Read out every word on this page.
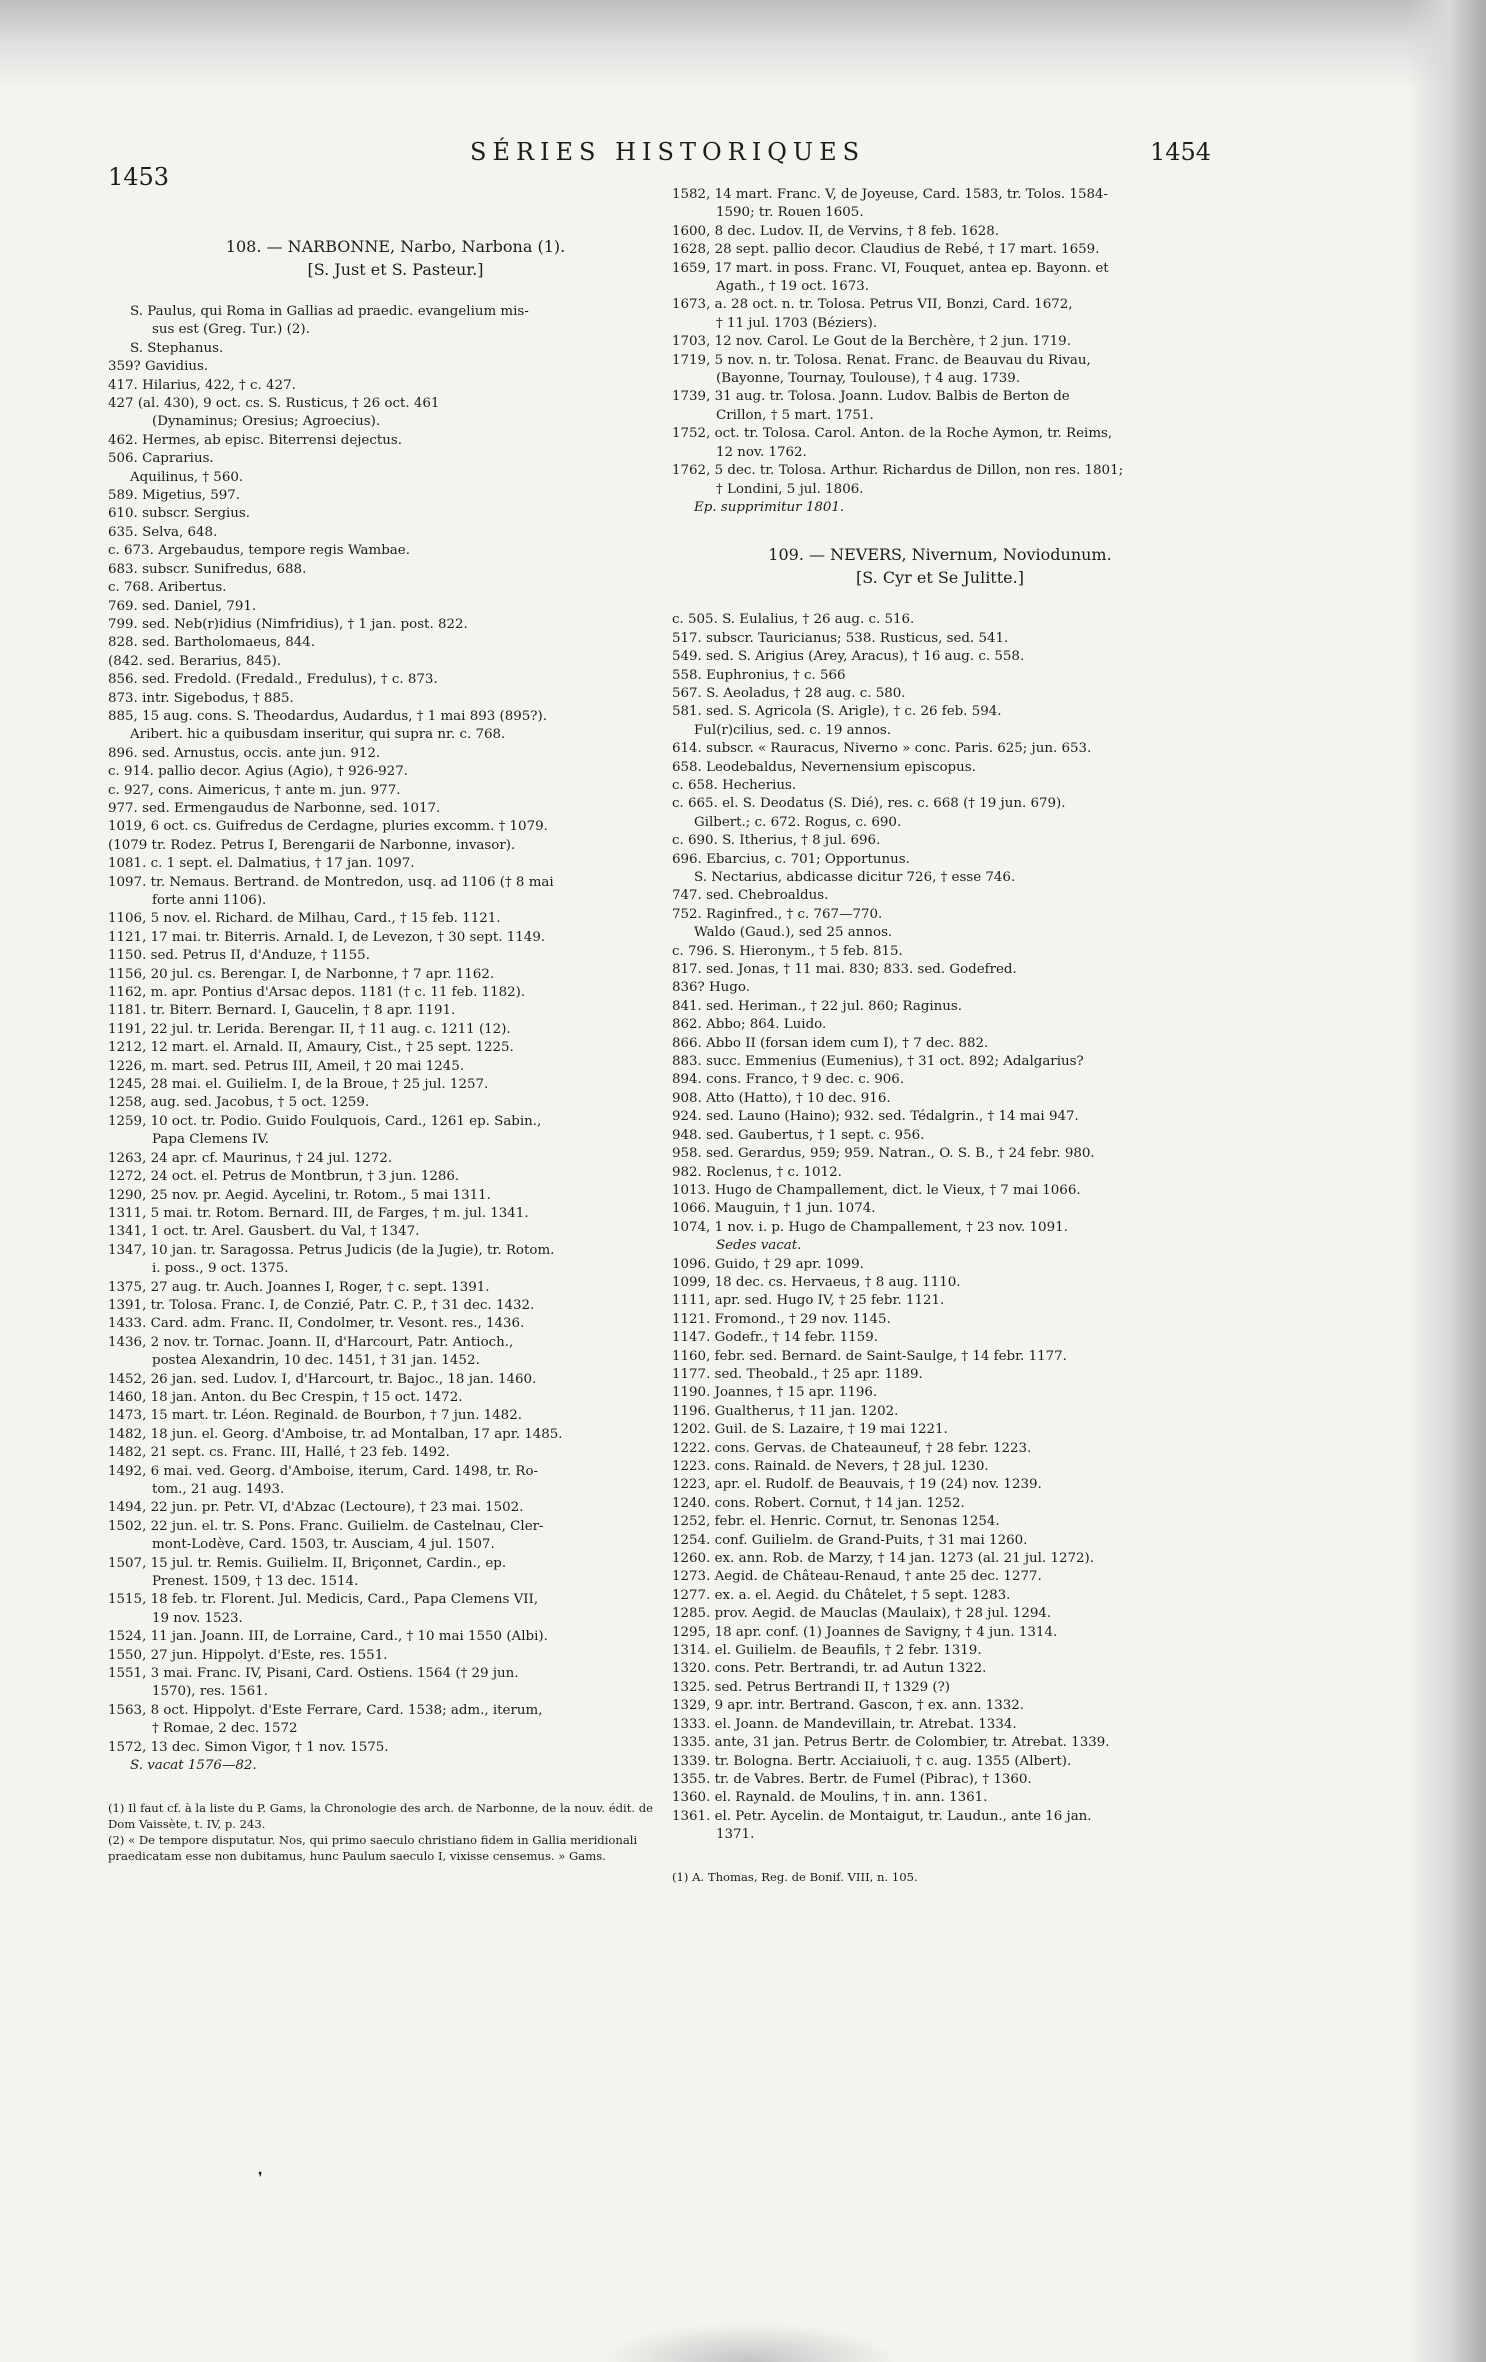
1453
SÉRIES HISTORIQUES	1454
108. — NARBONNE, Narbo, Narbona (1).
[S. Just et S. Pasteur.]
S. Paulus, qui Roma in Gallias ad praedic. evangelium mis-
sus est (Greg. Tur.) (2).
S. Stephanus.
359? Gavidius.
417. Hilarius, 422, † c. 427.
427 (al. 430), 9 oct. cs. S. Rusticus, † 26 oct. 461
(Dynaminus; Oresius; Agroecius).
462. Hermes, ab episc. Biterrensi dejectus.
506. Caprarius.
Aquilinus, † 560.
589. Migetius, 597.
610. subscr. Sergius.
635. Selva, 648.
c. 673. Argebaudus, tempore regis Wambae.
683. subscr. Sunifredus, 688.
c. 768. Aribertus.
769. sed. Daniel, 791.
799. sed. Neb(r)idius (Nimfridius), † 1 jan. post. 822.
828. sed. Bartholomaeus, 844.
(842. sed. Berarius, 845).
856. sed. Fredold. (Fredald., Fredulus), † c. 873.
873. intr. Sigebodus, † 885.
885, 15 aug. cons. S. Theodardus, Audardus, † 1 mai 893 (895?).
Aribert. hic a quibusdam inseritur, qui supra nr. c. 768.
896. sed. Arnustus, occis. ante jun. 912.
c. 914. pallio decor. Agius (Agio), † 926-927.
c. 927, cons. Aimericus, † ante m. jun. 977.
977. sed. Ermengaudus de Narbonne, sed. 1017.
1019, 6 oct. cs. Guifredus de Cerdagne, pluries excomm. † 1079.
(1079 tr. Rodez. Petrus I, Berengarii de Narbonne, invasor).
1081. c. 1 sept. el. Dalmatius, † 17 jan. 1097.
1097. tr. Nemaus. Bertrand. de Montredon, usq. ad 1106 († 8 mai
forte anni 1106).
1106, 5 nov. el. Richard. de Milhau, Card., † 15 feb. 1121.
1121, 17 mai. tr. Biterris. Arnald. I, de Levezon, † 30 sept. 1149.
1150. sed. Petrus II, d'Anduze, † 1155.
1156, 20 jul. cs. Berengar. I, de Narbonne, † 7 apr. 1162.
1162, m. apr. Pontius d'Arsac depos. 1181 († c. 11 feb. 1182).
1181. tr. Biterr. Bernard. I, Gaucelin, † 8 apr. 1191.
1191, 22 jul. tr. Lerida. Berengar. II, † 11 aug. c. 1211 (12).
1212, 12 mart. el. Arnald. II, Amaury, Cist., † 25 sept. 1225.
1226, m. mart. sed. Petrus III, Ameil, † 20 mai 1245.
1245, 28 mai. el. Guilielm. I, de la Broue, † 25 jul. 1257.
1258, aug. sed. Jacobus, † 5 oct. 1259.
1259, 10 oct. tr. Podio. Guido Foulquois, Card., 1261 ep. Sabin.,
Papa Clemens IV.
1263, 24 apr. cf. Maurinus, † 24 jul. 1272.
1272, 24 oct. el. Petrus de Montbrun, † 3 jun. 1286.
1290, 25 nov. pr. Aegid. Aycelini, tr. Rotom., 5 mai 1311.
1311, 5 mai. tr. Rotom. Bernard. III, de Farges, † m. jul. 1341.
1341, 1 oct. tr. Arel. Gausbert. du Val, † 1347.
1347, 10 jan. tr. Saragossa. Petrus Judicis (de la Jugie), tr. Rotom.
i. poss., 9 oct. 1375.
1375, 27 aug. tr. Auch. Joannes I, Roger, † c. sept. 1391.
1391, tr. Tolosa. Franc. I, de Conzié, Patr. C. P., † 31 dec. 1432.
1433. Card. adm. Franc. II, Condolmer, tr. Vesont. res., 1436.
1436, 2 nov. tr. Tornac. Joann. II, d'Harcourt, Patr. Antioch.,
postea Alexandrin, 10 dec. 1451, † 31 jan. 1452.
1452, 26 jan. sed. Ludov. I, d'Harcourt, tr. Bajoc., 18 jan. 1460.
1460, 18 jan. Anton. du Bec Crespin, † 15 oct. 1472.
1473, 15 mart. tr. Léon. Reginald. de Bourbon, † 7 jun. 1482.
1482, 18 jun. el. Georg. d'Amboise, tr. ad Montalban, 17 apr. 1485.
1482, 21 sept. cs. Franc. III, Hallé, † 23 feb. 1492.
1492, 6 mai. ved. Georg. d'Amboise, iterum, Card. 1498, tr. Ro-
tom., 21 aug. 1493.
1494, 22 jun. pr. Petr. VI, d'Abzac (Lectoure), † 23 mai. 1502.
1502, 22 jun. el. tr. S. Pons. Franc. Guilielm. de Castelnau, Cler-
mont-Lodève, Card. 1503, tr. Ausciam, 4 jul. 1507.
1507, 15 jul. tr. Remis. Guilielm. II, Briçonnet, Cardin., ep.
Prenest. 1509, † 13 dec. 1514.
1515, 18 feb. tr. Florent. Jul. Medicis, Card., Papa Clemens VII,
19 nov. 1523.
1524, 11 jan. Joann. III, de Lorraine, Card., † 10 mai 1550 (Albi).
1550, 27 jun. Hippolyt. d'Este, res. 1551.
1551, 3 mai. Franc. IV, Pisani, Card. Ostiens. 1564 († 29 jun.
1570), res. 1561.
1563, 8 oct. Hippolyt. d'Este Ferrare, Card. 1538; adm., iterum,
† Romae, 2 dec. 1572
1572, 13 dec. Simon Vigor, † 1 nov. 1575.
S. vacat 1576—82.
(1) Il faut cf. à la liste du P. Gams, la Chronologie des arch. de Narbonne, de la nouv. édit. de Dom Vaissète, t. IV, p. 243.
(2) « De tempore disputatur. Nos, qui primo saeculo christiano fidem in Gallia meridionali praedicatam esse non dubitamus, hunc Paulum saeculo I, vixisse censemus. » Gams.
1582, 14 mart. Franc. V, de Joyeuse, Card. 1583, tr. Tolos. 1584-
1590; tr. Rouen 1605.
1600, 8 dec. Ludov. II, de Vervins, † 8 feb. 1628.
1628, 28 sept. pallio decor. Claudius de Rebé, † 17 mart. 1659.
1659, 17 mart. in poss. Franc. VI, Fouquet, antea ep. Bayonn. et
Agath., † 19 oct. 1673.
1673, a. 28 oct. n. tr. Tolosa. Petrus VII, Bonzi, Card. 1672,
† 11 jul. 1703 (Béziers).
1703, 12 nov. Carol. Le Gout de la Berchère, † 2 jun. 1719.
1719, 5 nov. n. tr. Tolosa. Renat. Franc. de Beauvau du Rivau,
(Bayonne, Tournay, Toulouse), † 4 aug. 1739.
1739, 31 aug. tr. Tolosa. Joann. Ludov. Balbis de Berton de
Crillon, † 5 mart. 1751.
1752, oct. tr. Tolosa. Carol. Anton. de la Roche Aymon, tr. Reims,
12 nov. 1762.
1762, 5 dec. tr. Tolosa. Arthur. Richardus de Dillon, non res. 1801;
† Londini, 5 jul. 1806.
Ep. supprimitur 1801.
109. — NEVERS, Nivernum, Noviodunum.
[S. Cyr et Se Julitte.]
c. 505. S. Eulalius, † 26 aug. c. 516.
517. subscr. Tauricianus; 538. Rusticus, sed. 541.
549. sed. S. Arigius (Arey, Aracus), † 16 aug. c. 558.
558. Euphronius, † c. 566
567. S. Aeoladus, † 28 aug. c. 580.
581. sed. S. Agricola (S. Arigle), † c. 26 feb. 594.
Ful(r)cilius, sed. c. 19 annos.
614. subscr. « Rauracus, Niverno » conc. Paris. 625; jun. 653.
658. Leodebaldus, Nevernensium episcopus.
c. 658. Hecherius.
c. 665. el. S. Deodatus (S. Dié), res. c. 668 († 19 jun. 679).
Gilbert.; c. 672. Rogus, c. 690.
c. 690. S. Itherius, † 8 jul. 696.
696. Ebarcius, c. 701; Opportunus.
S. Nectarius, abdicasse dicitur 726, † esse 746.
747. sed. Chebroaldus.
752. Raginfred., † c. 767—770.
Waldo (Gaud.), sed 25 annos.
c. 796. S. Hieronym., † 5 feb. 815.
817. sed. Jonas, † 11 mai. 830; 833. sed. Godefred.
836? Hugo.
841. sed. Heriman., † 22 jul. 860; Raginus.
862. Abbo; 864. Luido.
866. Abbo II (forsan idem cum I), † 7 dec. 882.
883. succ. Emmenius (Eumenius), † 31 oct. 892; Adalgarius?
894. cons. Franco, † 9 dec. c. 906.
908. Atto (Hatto), † 10 dec. 916.
924. sed. Launo (Haino); 932. sed. Tédalgrin., † 14 mai 947.
948. sed. Gaubertus, † 1 sept. c. 956.
958. sed. Gerardus, 959; 959. Natran., O. S. B., † 24 febr. 980.
982. Roclenus, † c. 1012.
1013. Hugo de Champallement, dict. le Vieux, † 7 mai 1066.
1066. Mauguin, † 1 jun. 1074.
1074, 1 nov. i. p. Hugo de Champallement, † 23 nov. 1091.
Sedes vacat.
1096. Guido, † 29 apr. 1099.
1099, 18 dec. cs. Hervaeus, † 8 aug. 1110.
1111, apr. sed. Hugo IV, † 25 febr. 1121.
1121. Fromond., † 29 nov. 1145.
1147. Godefr., † 14 febr. 1159.
1160, febr. sed. Bernard. de Saint-Saulge, † 14 febr. 1177.
1177. sed. Theobald., † 25 apr. 1189.
1190. Joannes, † 15 apr. 1196.
1196. Gualtherus, † 11 jan. 1202.
1202. Guil. de S. Lazaire, † 19 mai 1221.
1222. cons. Gervas. de Chateauneuf, † 28 febr. 1223.
1223. cons. Rainald. de Nevers, † 28 jul. 1230.
1223, apr. el. Rudolf. de Beauvais, † 19 (24) nov. 1239.
1240. cons. Robert. Cornut, † 14 jan. 1252.
1252, febr. el. Henric. Cornut, tr. Senonas 1254.
1254. conf. Guilielm. de Grand-Puits, † 31 mai 1260.
1260. ex. ann. Rob. de Marzy, † 14 jan. 1273 (al. 21 jul. 1272).
1273. Aegid. de Château-Renaud, † ante 25 dec. 1277.
1277. ex. a. el. Aegid. du Châtelet, † 5 sept. 1283.
1285. prov. Aegid. de Mauclas (Maulaix), † 28 jul. 1294.
1295, 18 apr. conf. (1) Joannes de Savigny, † 4 jun. 1314.
1314. el. Guilielm. de Beaufils, † 2 febr. 1319.
1320. cons. Petr. Bertrandi, tr. ad Autun 1322.
1325. sed. Petrus Bertrandi II, † 1329 (?)
1329, 9 apr. intr. Bertrand. Gascon, † ex. ann. 1332.
1333. el. Joann. de Mandevillain, tr. Atrebat. 1334.
1335. ante, 31 jan. Petrus Bertr. de Colombier, tr. Atrebat. 1339.
1339. tr. Bologna. Bertr. Acciaiuoli, † c. aug. 1355 (Albert).
1355. tr. de Vabres. Bertr. de Fumel (Pibrac), † 1360.
1360. el. Raynald. de Moulins, † in. ann. 1361.
1361. el. Petr. Aycelin. de Montaigut, tr. Laudun., ante 16 jan.
1371.
(1) A. Thomas, Reg. de Bonif. VIII, n. 105.
❜
